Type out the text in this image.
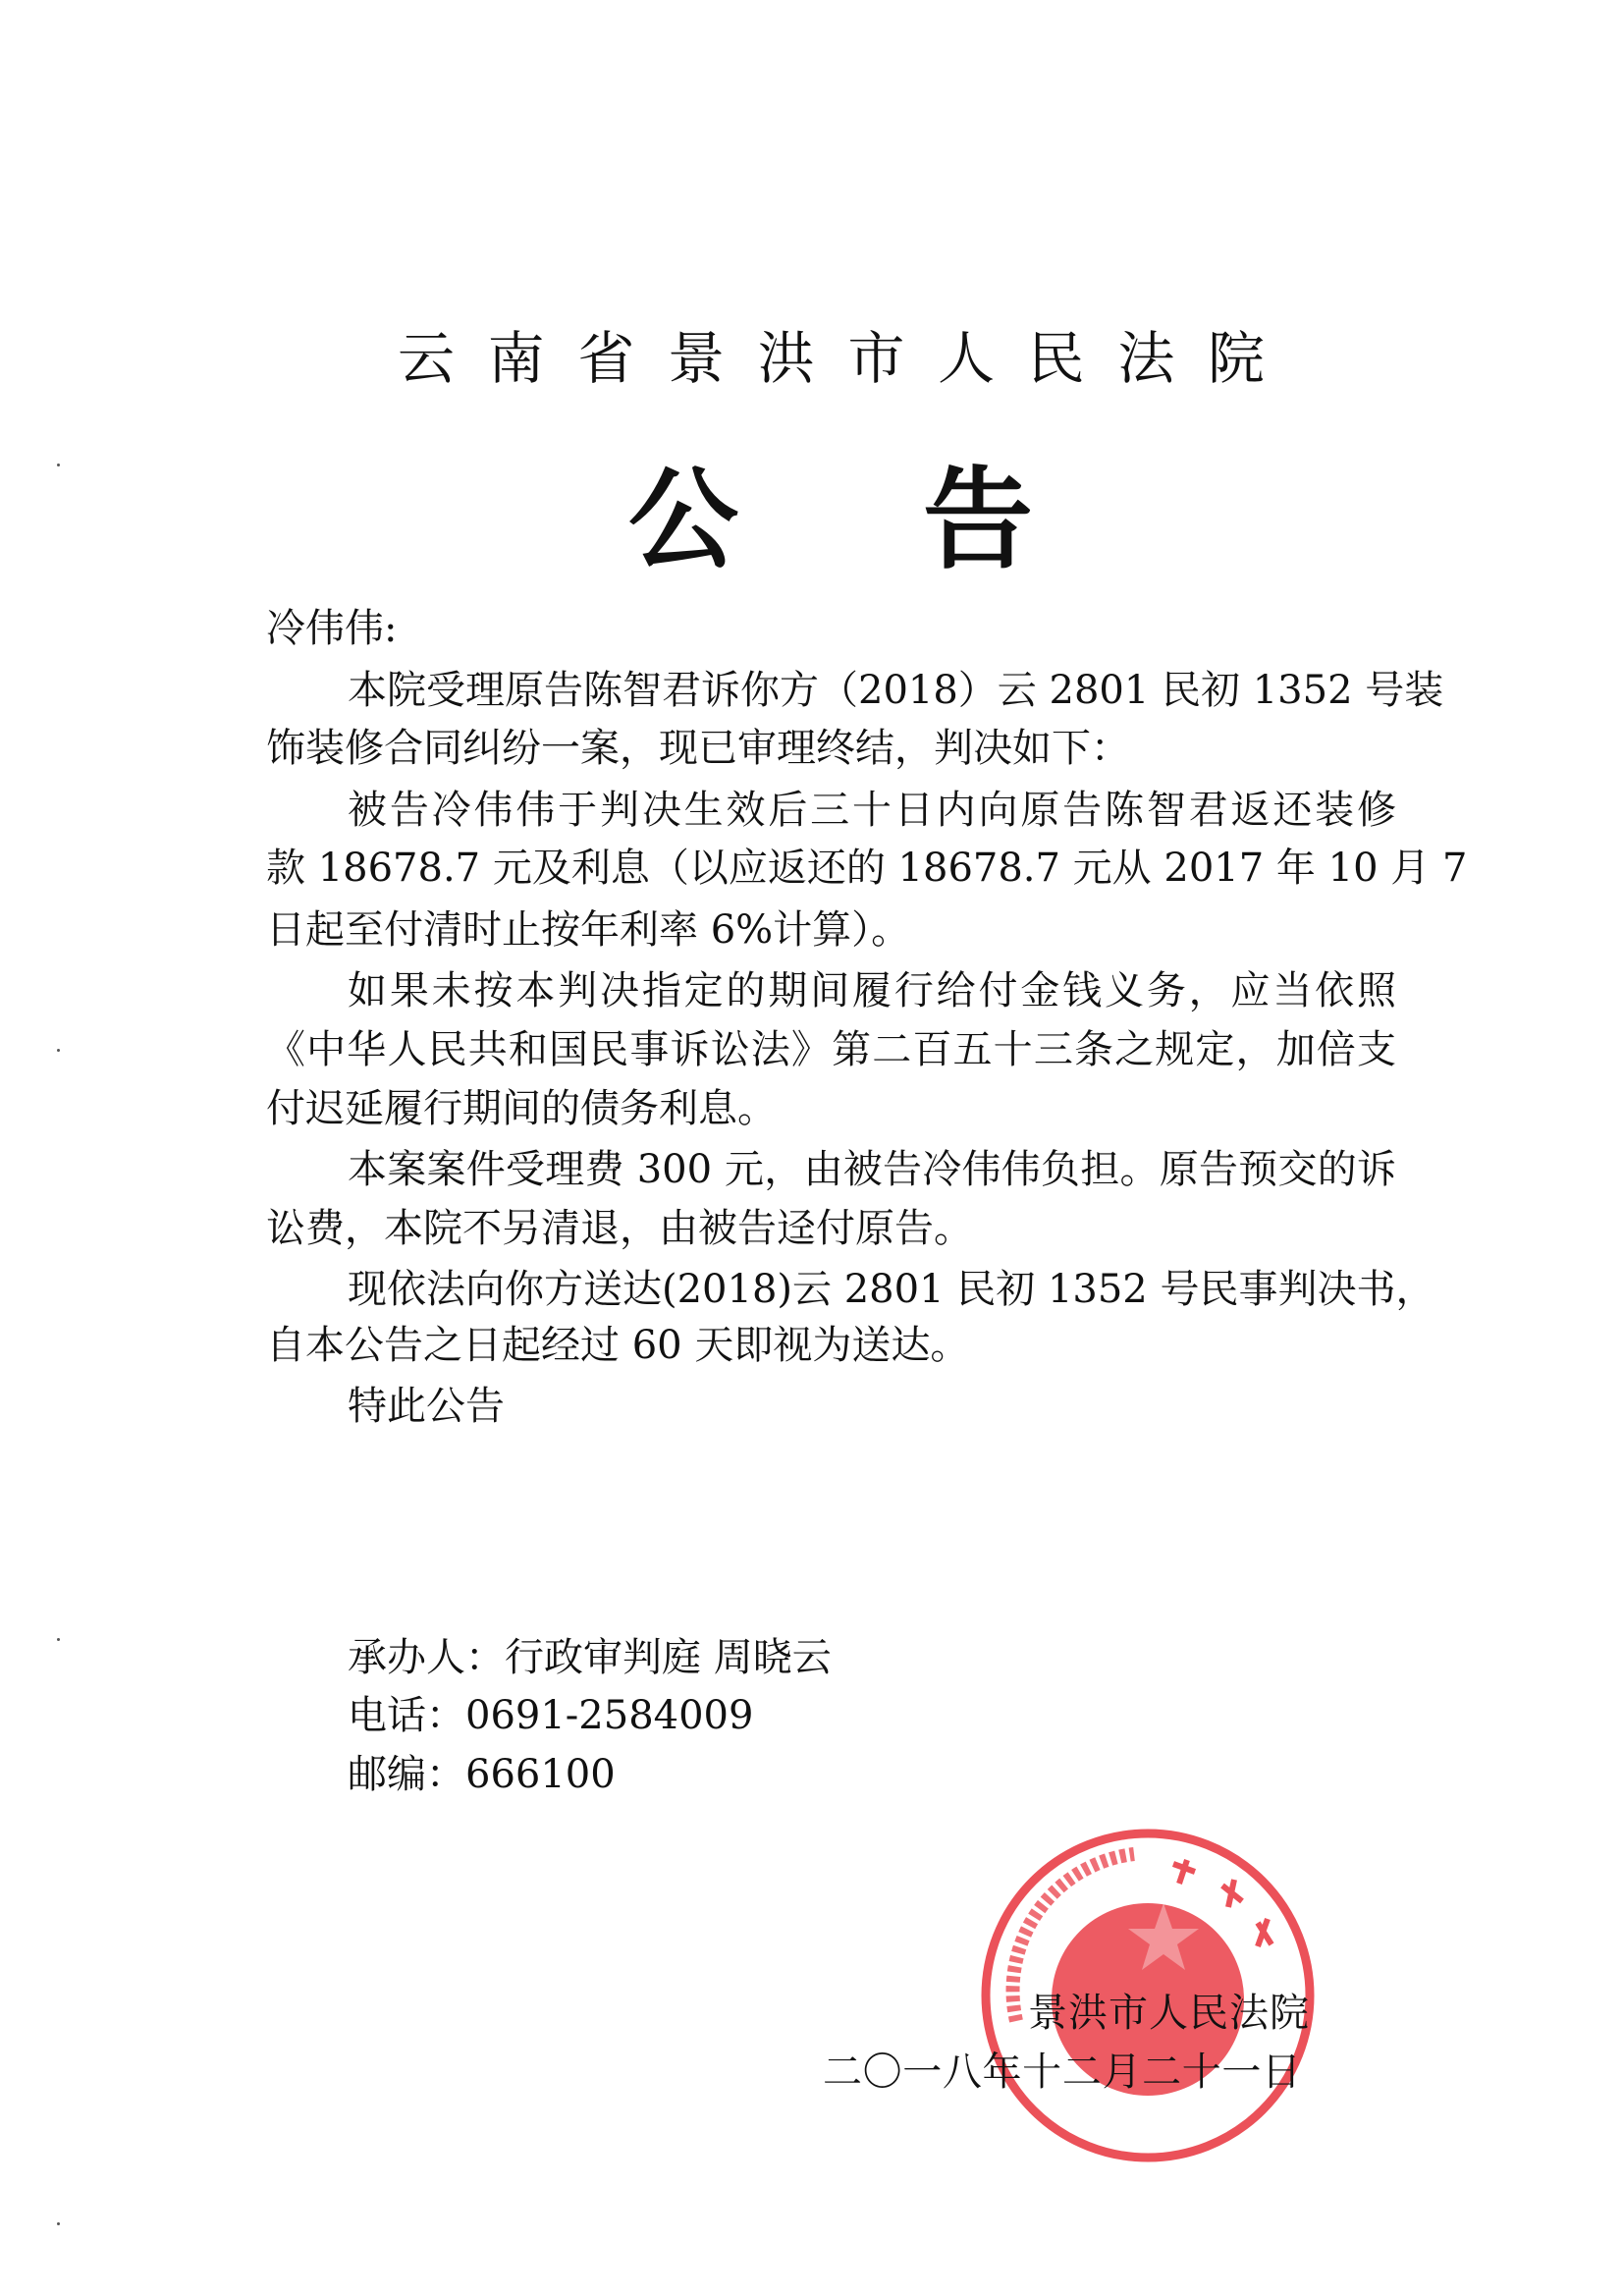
云南省景洪市人民法院
公 告
冷伟伟:
本院受理原告陈智君诉你方（2018）云 2801 民初 1352 号装
饰装修合同纠纷一案，现已审理终结，判决如下：
被告冷伟伟于判决生效后三十日内向原告陈智君返还装修
款 18678.7 元及利息（以应返还的 18678.7 元从 2017 年 10 月 7
日起至付清时止按年利率 6%计算）。
如果未按本判决指定的期间履行给付金钱义务，应当依照
《中华人民共和国民事诉讼法》第二百五十三条之规定，加倍支
付迟延履行期间的债务利息。
本案案件受理费 300 元，由被告冷伟伟负担。原告预交的诉
讼费，本院不另清退，由被告迳付原告。
现依法向你方送达(2018)云 2801 民初 1352 号民事判决书，
自本公告之日起经过 60 天即视为送达。
特此公告
承办人：行政审判庭 周晓云
电话：0691-2584009
邮编：666100
景洪市人民法院
二〇一八年十二月二十一日
